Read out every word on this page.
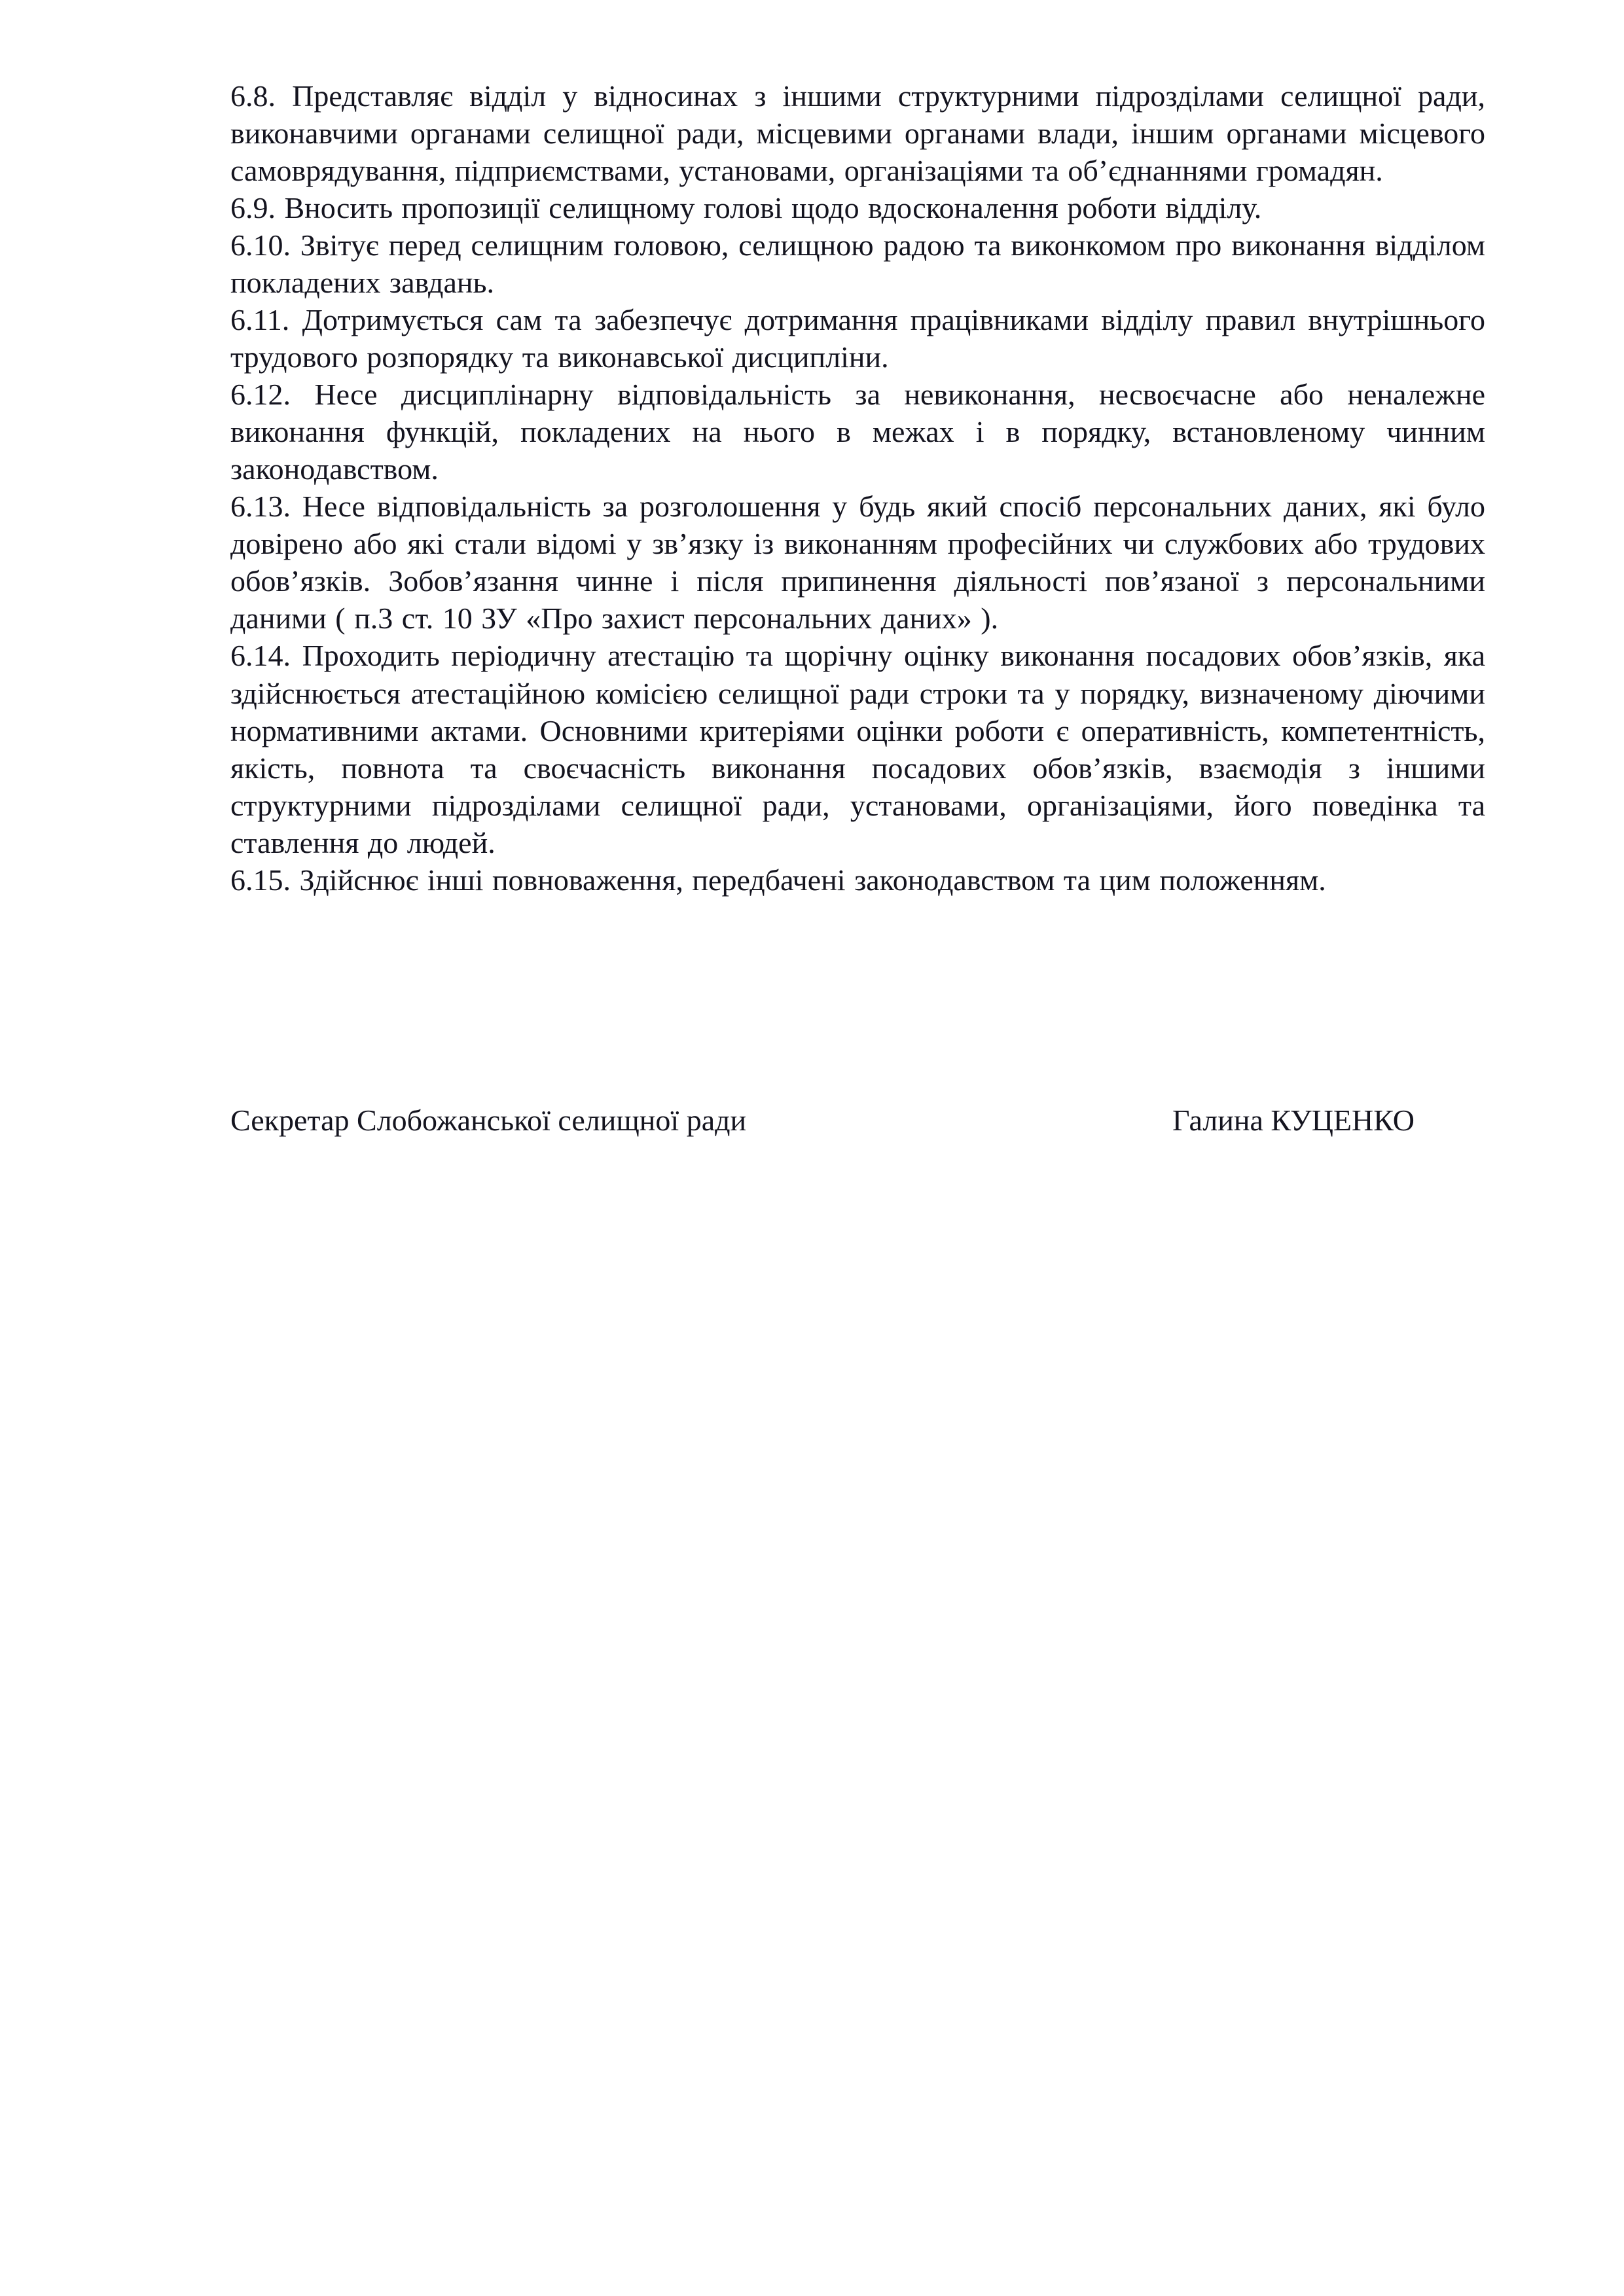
6.8. Представляє відділ у відносинах з іншими структурними підрозділами селищної ради, виконавчими органами селищної ради, місцевими органами влади, іншим органами місцевого самоврядування, підприємствами, установами, організаціями та об’єднаннями громадян.

6.9. Вносить пропозиції селищному голові щодо вдосконалення роботи відділу.

6.10. Звітує перед селищним головою, селищною радою та виконкомом про виконання відділом покладених завдань.

6.11. Дотримується сам та забезпечує дотримання працівниками відділу правил внутрішнього трудового розпорядку та виконавської дисципліни.

6.12. Несе дисциплінарну відповідальність за невиконання, несвоєчасне або неналежне виконання функцій, покладених на нього в межах і в порядку, встановленому чинним законодавством.

6.13. Несе відповідальність за розголошення у будь який спосіб персональних даних, які було довірено або які стали відомі у зв’язку із виконанням професійних чи службових або трудових обов’язків. Зобов’язання чинне і після припинення діяльності пов’язаної з персональними даними ( п.3 ст. 10 ЗУ «Про захист персональних даних» ).

6.14. Проходить періодичну атестацію та щорічну оцінку виконання посадових обов’язків, яка здійснюється атестаційною комісією селищної ради строки та у порядку, визначеному діючими нормативними актами. Основними критеріями оцінки роботи є оперативність, компетентність, якість, повнота та своєчасність виконання посадових обов’язків, взаємодія з іншими структурними підрозділами селищної ради, установами, організаціями, його поведінка та ставлення до людей.

6.15. Здійснює інші повноваження, передбачені законодавством та цим положенням.

Секретар Слобожанської селищної ради	Галина КУЦЕНКО
